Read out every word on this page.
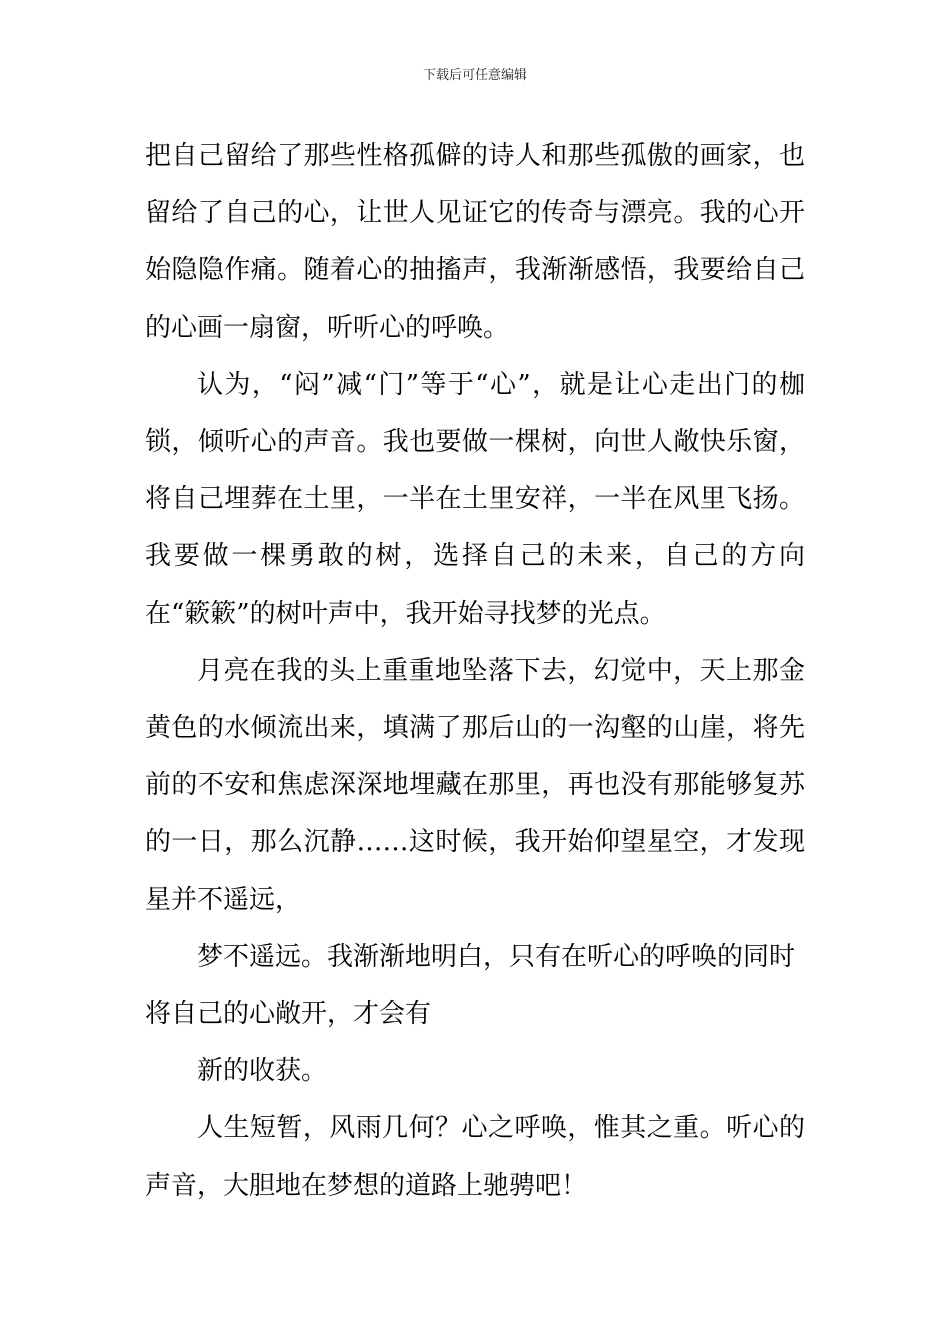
下载后可任意编辑

把自己留给了那些性格孤僻的诗人和那些孤傲的画家，也留给了自己的心，让世人见证它的传奇与漂亮。我的心开始隐隐作痛。随着心的抽搐声，我渐渐感悟，我要给自己的心画一扇窗，听听心的呼唤。

认为，“闷”减“门”等于“心”，就是让心走出门的枷锁，倾听心的声音。我也要做一棵树，向世人敞快乐窗，将自己埋葬在土里，一半在土里安祥，一半在风里飞扬。我要做一棵勇敢的树，选择自己的未来，自己的方向在“簌簌”的树叶声中，我开始寻找梦的光点。

月亮在我的头上重重地坠落下去，幻觉中，天上那金黄色的水倾流出来，填满了那后山的一沟壑的山崖，将先前的不安和焦虑深深地埋藏在那里，再也没有那能够复苏的一日，那么沉静……这时候，我开始仰望星空，才发现星并不遥远，

梦不遥远。我渐渐地明白，只有在听心的呼唤的同时

将自己的心敞开，才会有

新的收获。

人生短暂，风雨几何？心之呼唤，惟其之重。听心的声音，大胆地在梦想的道路上驰骋吧！
